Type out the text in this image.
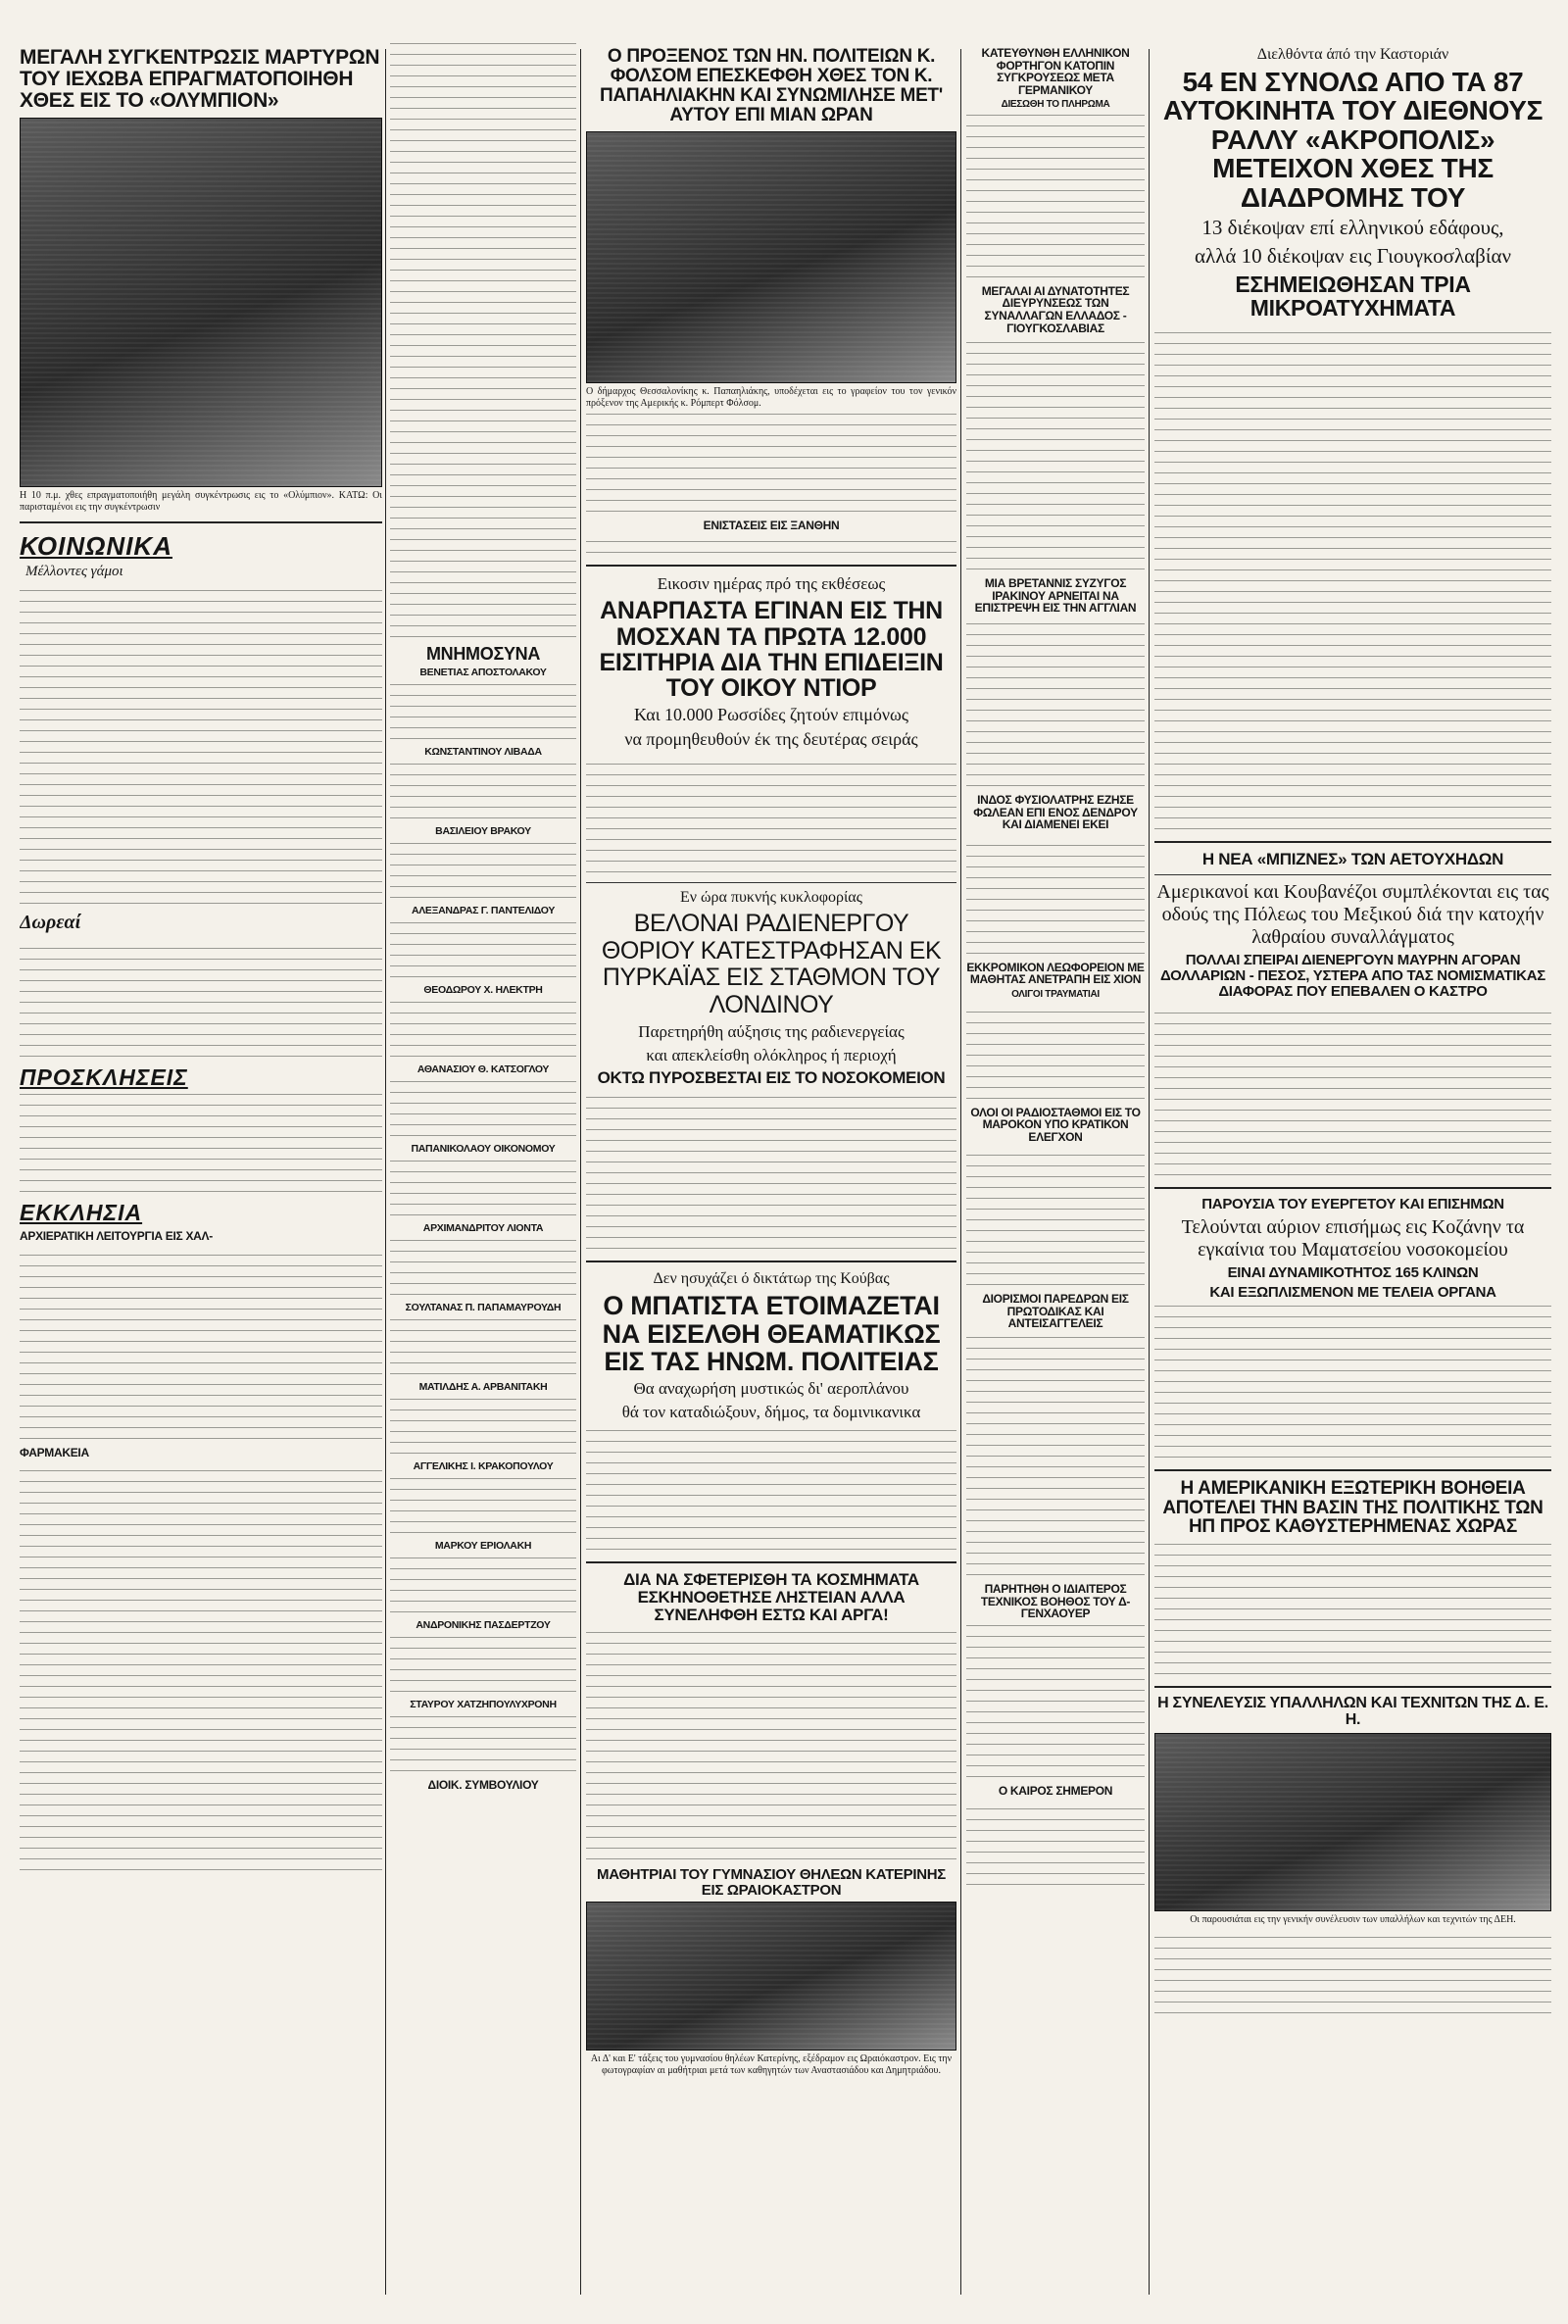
ΜΕΓΑΛΗ ΣΥΓΚΕΝΤΡΩΣΙΣ ΜΑΡΤΥΡΩΝ ΤΟΥ ΙΕΧΩΒΑ ΕΠΡΑΓΜΑΤΟΠΟΙΗΘΗ ΧΘΕΣ ΕΙΣ ΤΟ «ΟΛΥΜΠΙΟΝ»
Η 10 π.μ. χθες επραγματοποιήθη μεγάλη συγκέντρωσις εις το «Ολύμπιον». KATΩ: Οι παρισταμένοι εις την συγκέντρωσιν
ΚΟΙΝΩΝΙΚΑ
Μέλλοντες γάμοι
Δωρεαί
ΠΡΟΣΚΛΗΣΕΙΣ
ΕΚΚΛΗΣΙΑ
ΑΡΧΙΕΡΑΤΙΚΗ ΛΕΙΤΟΥΡΓΙΑ ΕΙΣ ΧΑΛ-
ΦΑΡΜΑΚΕΙΑ
ΜΝΗΜΟΣΥΝΑ
ΒΕΝΕΤΙΑΣ ΑΠΟΣΤΟΛΑΚΟΥ
ΚΩΝΣΤΑΝΤΙΝΟΥ ΛΙΒΑΔΑ
ΒΑΣΙΛΕΙΟΥ ΒΡΑΚΟΥ
ΑΛΕΞΑΝΔΡΑΣ Γ. ΠΑΝΤΕΛΙΔΟΥ
ΘΕΟΔΩΡΟΥ Χ. ΗΛΕΚΤΡΗ
ΑΘΑΝΑΣΙΟΥ Θ. ΚΑΤΣΟΓΛΟΥ
ΠΑΠΑΝΙΚΟΛΑΟΥ ΟΙΚΟΝΟΜΟΥ
ΑΡΧΙΜΑΝΔΡΙΤΟΥ ΛΙΟΝΤΑ
ΣΟΥΛΤΑΝΑΣ Π. ΠΑΠΑΜΑΥΡΟΥΔΗ
ΜΑΤΙΛΔΗΣ Α. ΑΡΒΑΝΙΤΑΚΗ
ΑΓΓΕΛΙΚΗΣ Ι. ΚΡΑΚΟΠΟΥΛΟΥ
ΜΑΡΚΟΥ ΕΡΙΟΛΑΚΗ
ΑΝΔΡΟΝΙΚΗΣ ΠΑΣΔΕΡΤΖΟΥ
ΣΤΑΥΡΟΥ ΧΑΤΖΗΠΟΥΛΥΧΡΟΝΗ
ΔΙΟΙΚ. ΣΥΜΒΟΥΛΙΟΥ
Ο ΠΡΟΞΕΝΟΣ ΤΩΝ ΗΝ. ΠΟΛΙΤΕΙΩΝ Κ. ΦΟΛΣΟΜ ΕΠΕΣΚΕΦΘΗ ΧΘΕΣ ΤΟΝ Κ. ΠΑΠΑΗΛΙΑΚΗΝ ΚΑΙ ΣΥΝΩΜΙΛΗΣΕ ΜΕΤ' ΑΥΤΟΥ ΕΠΙ ΜΙΑΝ ΩΡΑΝ
Ο δήμαρχος Θεσσαλονίκης κ. Παπαηλιάκης, υποδέχεται εις το γραφείον του τον γενικόν πρόξενον της Αμερικής κ. Ρόμπερτ Φόλσομ.
ΕΝΙΣΤΑΣΕΙΣ ΕΙΣ ΞΑΝΘΗΝ
Εικοσιν ημέρας πρό της εκθέσεως
ΑΝΑΡΠΑΣΤΑ ΕΓΙΝΑΝ ΕΙΣ ΤΗΝ ΜΟΣΧΑΝ ΤΑ ΠΡΩΤΑ 12.000 ΕΙΣΙΤΗΡΙΑ ΔΙΑ ΤΗΝ ΕΠΙΔΕΙΞΙΝ ΤΟΥ ΟΙΚΟΥ ΝΤΙΟΡ
Και 10.000 Ρωσσίδες ζητούν επιμόνως
να προμηθευθούν έκ της δευτέρας σειράς
Εν ώρα πυκνής κυκλοφορίας
ΒΕΛΟΝΑΙ ΡΑΔΙΕΝΕΡΓΟΥ ΘΟΡΙΟΥ ΚΑΤΕΣΤΡΑΦΗΣΑΝ ΕΚ ΠΥΡΚΑΪΑΣ ΕΙΣ ΣΤΑΘΜΟΝ ΤΟΥ ΛΟΝΔΙΝΟΥ
Παρετηρήθη αύξησις της ραδιενεργείας
και απεκλείσθη ολόκληρος ή περιοχή
ΟΚΤΩ ΠΥΡΟΣΒΕΣΤΑΙ ΕΙΣ ΤΟ ΝΟΣΟΚΟΜΕΙΟΝ
Δεν ησυχάζει ό δικτάτωρ της Κούβας
Ο ΜΠΑΤΙΣΤΑ ΕΤΟΙΜΑΖΕΤΑΙ ΝΑ ΕΙΣΕΛΘΗ ΘΕΑΜΑΤΙΚΩΣ ΕΙΣ ΤΑΣ ΗΝΩΜ. ΠΟΛΙΤΕΙΑΣ
Θα αναχωρήση μυστικώς δι' αεροπλάνου
θά τον καταδιώξουν, δήμος, τα δομινικανικα
ΔΙΑ ΝΑ ΣΦΕΤΕΡΙΣΘΗ ΤΑ ΚΟΣΜΗΜΑΤΑ ΕΣΚΗΝΟΘΕΤΗΣΕ ΛΗΣΤΕΙΑΝ ΑΛΛΑ ΣΥΝΕΛΗΦΘΗ ΕΣΤΩ ΚΑΙ ΑΡΓΑ!
ΜΑΘΗΤΡΙΑΙ ΤΟΥ ΓΥΜΝΑΣΙΟΥ ΘΗΛΕΩΝ ΚΑΤΕΡΙΝΗΣ ΕΙΣ ΩΡΑΙΟΚΑΣΤΡΟΝ
Αι Δ' και Ε' τάξεις του γυμνασίου θηλέων Κατερίνης, εξέδραμον εις Ωραιόκαστρον. Εις την φωτογραφίαν αι μαθήτριαι μετά των καθηγητών των Αναστασιάδου και Δημητριάδου.
ΚΑΤΕΥΘΥΝΘΗ ΕΛΛΗΝΙΚΟΝ ΦΟΡΤΗΓΟΝ ΚΑΤΟΠΙΝ ΣΥΓΚΡΟΥΣΕΩΣ ΜΕΤΑ ΓΕΡΜΑΝΙΚΟΥ
ΔΙΕΣΩΘΗ ΤΟ ΠΛΗΡΩΜΑ
ΜΕΓΑΛΑΙ ΑΙ ΔΥΝΑΤΟΤΗΤΕΣ ΔΙΕΥΡΥΝΣΕΩΣ ΤΩΝ ΣΥΝΑΛΛΑΓΩΝ ΕΛΛΑΔΟΣ - ΓΙΟΥΓΚΟΣΛΑΒΙΑΣ
ΜΙΑ ΒΡΕΤΑΝΝΙΣ ΣΥΖΥΓΟΣ ΙΡΑΚΙΝΟΥ ΑΡΝΕΙΤΑΙ ΝΑ ΕΠΙΣΤΡΕΨΗ ΕΙΣ ΤΗΝ ΑΓΓΛΙΑΝ
ΙΝΔΟΣ ΦΥΣΙΟΛΑΤΡΗΣ ΕΖΗΣΕ ΦΩΛΕΑΝ ΕΠΙ ΕΝΟΣ ΔΕΝΔΡΟΥ ΚΑΙ ΔΙΑΜΕΝΕΙ ΕΚΕΙ
ΕΚΚΡΟΜΙΚΟΝ ΛΕΩΦΟΡΕΙΟΝ ΜΕ ΜΑΘΗΤΑΣ ΑΝΕΤΡΑΠΗ ΕΙΣ ΧΙΟΝ
ΟΛΙΓΟΙ ΤΡΑΥΜΑΤΙΑΙ
ΟΛΟΙ ΟΙ ΡΑΔΙΟΣΤΑΘΜΟΙ ΕΙΣ ΤΟ ΜΑΡΟΚΟΝ ΥΠΟ ΚΡΑΤΙΚΟΝ ΕΛΕΓΧΟΝ
ΔΙΟΡΙΣΜΟΙ ΠΑΡΕΔΡΩΝ ΕΙΣ ΠΡΩΤΟΔΙΚΑΣ ΚΑΙ ΑΝΤΕΙΣΑΓΓΕΛΕΙΣ
ΠΑΡΗΤΗΘΗ Ο ΙΔΙΑΙΤΕΡΟΣ ΤΕΧΝΙΚΟΣ ΒΟΗΘΟΣ ΤΟΥ Δ-ΓΕΝΧΑΟΥΕΡ
Ο ΚΑΙΡΟΣ ΣΗΜΕΡΟΝ
Διελθόντα άπό την Καστοριάν
54 ΕΝ ΣΥΝΟΛΩ ΑΠΟ ΤΑ 87 ΑΥΤΟΚΙΝΗΤΑ ΤΟΥ ΔΙΕΘΝΟΥΣ ΡΑΛΛΥ «ΑΚΡΟΠΟΛΙΣ» ΜΕΤΕΙΧΟΝ ΧΘΕΣ ΤΗΣ ΔΙΑΔΡΟΜΗΣ ΤΟΥ
13 διέκοψαν επί ελληνικού εδάφους,
αλλά 10 διέκοψαν εις Γιουγκοσλαβίαν
ΕΣΗΜΕΙΩΘΗΣΑΝ ΤΡΙΑ ΜΙΚΡΟΑΤΥΧΗΜΑΤΑ
Η ΝΕΑ «ΜΠΙΖΝΕΣ» ΤΩΝ ΑΕΤΟΥΧΗΔΩΝ
Αμερικανοί και Κουβανέζοι συμπλέκονται εις τας οδούς της Πόλεως του Μεξικού διά την κατοχήν λαθραίου συναλλάγματος
ΠΟΛΛΑΙ ΣΠΕΙΡΑΙ ΔΙΕΝΕΡΓΟΥΝ ΜΑΥΡΗΝ ΑΓΟΡΑΝ ΔΟΛΛΑΡΙΩΝ - ΠΕΣΟΣ, ΥΣΤΕΡΑ ΑΠΟ ΤΑΣ ΝΟΜΙΣΜΑΤΙΚΑΣ ΔΙΑΦΟΡΑΣ ΠΟΥ ΕΠΕΒΑΛΕΝ Ο ΚΑΣΤΡΟ
ΠΑΡΟΥΣΙΑ ΤΟΥ ΕΥΕΡΓΕΤΟΥ ΚΑΙ ΕΠΙΣΗΜΩΝ
Τελούνται αύριον επισήμως εις Κοζάνην τα εγκαίνια του Μαματσείου νοσοκομείου
ΕΙΝΑΙ ΔΥΝΑΜΙΚΟΤΗΤΟΣ 165 ΚΛΙΝΩΝ
ΚΑΙ ΕΞΩΠΛΙΣΜΕΝΟΝ ΜΕ ΤΕΛΕΙΑ ΟΡΓΑΝΑ
Η ΑΜΕΡΙΚΑΝΙΚΗ ΕΞΩΤΕΡΙΚΗ ΒΟΗΘΕΙΑ ΑΠΟΤΕΛΕΙ ΤΗΝ ΒΑΣΙΝ ΤΗΣ ΠΟΛΙΤΙΚΗΣ ΤΩΝ ΗΠ ΠΡΟΣ ΚΑΘΥΣΤΕΡΗΜΕΝΑΣ ΧΩΡΑΣ
Η ΣΥΝΕΛΕΥΣΙΣ ΥΠΑΛΛΗΛΩΝ ΚΑΙ ΤΕΧΝΙΤΩΝ ΤΗΣ Δ. Ε. Η.
Οι παρουσιάται εις την γενικήν συνέλευσιν των υπαλλήλων και τεχνιτών της ΔΕΗ.
